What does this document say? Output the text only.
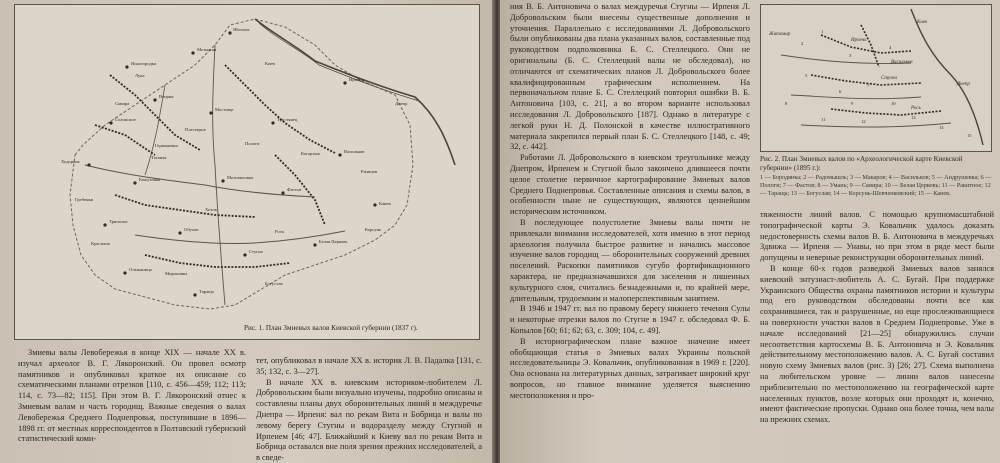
Яблочок
Мотыжин
Ясногородка
Веприк
Солонское
Мостище
Тростянец
Ирпень
Киев
Ходорков
Кожуховка	Мотовиловка
Фастов
Васильков
Трипольe
Обухов
Стугна
Белая Церковь
Днепр
Рось
Ольшаница
Гребенки
Германовка
Кагарлык
Ржищев
Мироновка
Богуслав
Корсунь
Тараща
Красилов
Лука
Сквира
Пологи
Плесецкое
Хотов
Таганча
Канев
Рис. 1. План Змиевых валов Киевской губернии (1837 г).

Змиевы валы Левобережья в конце XIX — начале XX в. изучал археолог В. Г. Лякоронский. Он провел осмотр памятников и опубликовал краткое их описание со схематическими планами отрезков [110, с. 456—459; 112; 113; 114, с. 73—82; 115]. При этом В. Г. Лякоронский отнес к Змиевым валам и часть городищ. Важные сведения о валах Левобережья Среднего Поднепровья, поступившие в 1896—1898 гг. от местных корреспондентов в Полтавский губернский статистический коми-

тет, опубликовал в начале XX в. историк Л. В. Падалка [131, с. 35; 132, с. 3—27].

В начале XX в. киевским историком-любителем Л. Добровольским были визуально изучены, подробно описаны и составлены планы двух оборонительных линий в междуречье Днепра — Ирпеня: вал по рекам Вита и Бобрица и валы по левому берегу Стугны и водоразделу между Стугной и Ирпенем [46; 47]. Ближайший к Киеву вал по рекам Вита и Бобрица оставался вне поля зрения прежних исследователей, а в сведе-

ния В. Б. Антоновича о валах междуречья Стугны — Ирпеня Л. Добровольским были внесены существенные дополнения и уточнения. Параллельно с исследованиями Л. Добровольского были опубликованы два плана указанных валов, составленные под руководством подполковника Б. С. Стеллецкого. Они не оригинальны (Б. С. Стеллецкий валы не обследовал), но отличаются от схематических планов Л. Добровольского более квалифицированным графическим исполнением. На первоначальном плане Б. С. Стеллецкий повторил ошибки В. Б. Антоновича [103, с. 21], а во втором варианте использовал исследования Л. Добровольского [187]. Однако в литературе с легкой руки Н. Д. Полонской в качестве иллюстративного материала закрепился первый план Б. С. Стеллецкого [148, с. 49; 32, с. 442].

Работами Л. Добровольского в киевском треугольнике между Днепром, Ирпенем и Стугной было закончено длившееся почти целое столетие первичное картографирование Змиевых валов Среднего Поднепровья. Составленные описания и схемы валов, в особенности ныне не существующих, являются ценнейшим историческим источником.

В последующее полустолетие Змиевы валы почти не привлекали внимания исследователей, хотя именно в этот период археология получила быстрое развитие и начались массовое изучение валов городищ — оборонительных сооружений древних поселений. Раскопки памятников сугубо фортификационного характера, не предназначавшихся для заселения и лишенных культурного слоя, считались безнадежными и, по крайней мере, длительным, трудоемким и малоперспективным занятием.

В 1946 и 1947 гг. вал по правому берегу нижнего течения Сулы и некоторые отрезки валов по Стугне в 1947 г. обследовал Ф. Б. Копылов [60; 61; 62; 63, с. 309; 104, с. 49].

В историографическом плане важное значение имеет обобщающая статья о Змиевых валах Украины польской исследовательницы Э. Ковальчик, опубликованная в 1969 г. [220]. Она основана на литературных данных, затрагивает широкий круг вопросов, но главное внимание уделяется выяснению местоположения и про-

Житомир
Киев
Ирпень
Днепр
Стугна
Рось
Васильков
1
2
3
4
5
6
7
8	9	10
11	12
13
14
15
Рис. 2. План Змиевых валов по «Археологической карте Киевской губернии» (1895 г.):
1 — Бородянка; 2 — Радомышль; 3 — Макаров; 4 — Васильков; 5 — Андрушевка; 6 — Пологи; 7 — Фастов; 8 — Умань; 9 — Сквира; 10 — Белая Церковь; 11 — Ракитное; 12 — Тараща; 13 — Богуслав; 14 — Корсунь-Шевченковский; 15 — Канев.

тяженности линий валов. С помощью крупномасштабной топографической карты Э. Ковальчик удалось доказать недостоверность схемы валов В. Б. Антоновича в междуречьях Здвижа — Ирпеня — Унавы, но при этом в ряде мест были допущены и неверные реконструкции оборонительных линий.

В конце 60-х годов разведкой Змиевых валов занялся киевский энтузиаст-любитель А. С. Бугай. При поддержке Украинского Общества охраны памятников истории и культуры под его руководством обследованы почти все как сохранившиеся, так и разрушенные, но еще прослеживающиеся на поверхности участки валов в Среднем Поднепровье. Уже в начале исследований [21—25] обнаружились случаи несоответствия картосхемы В. Б. Антоновича и Э. Ковальчик действительному местоположению валов. А. С. Бугай составил новую схему Змиевых валов (рис. 3) [26; 27]. Схема выполнена на любительском уровне — линии валов нанесены приблизительно по местоположению на географической карте населенных пунктов, возле которых они проходят и, конечно, имеют фактические пропуски. Однако она более точна, чем валы на прежних схемах.
